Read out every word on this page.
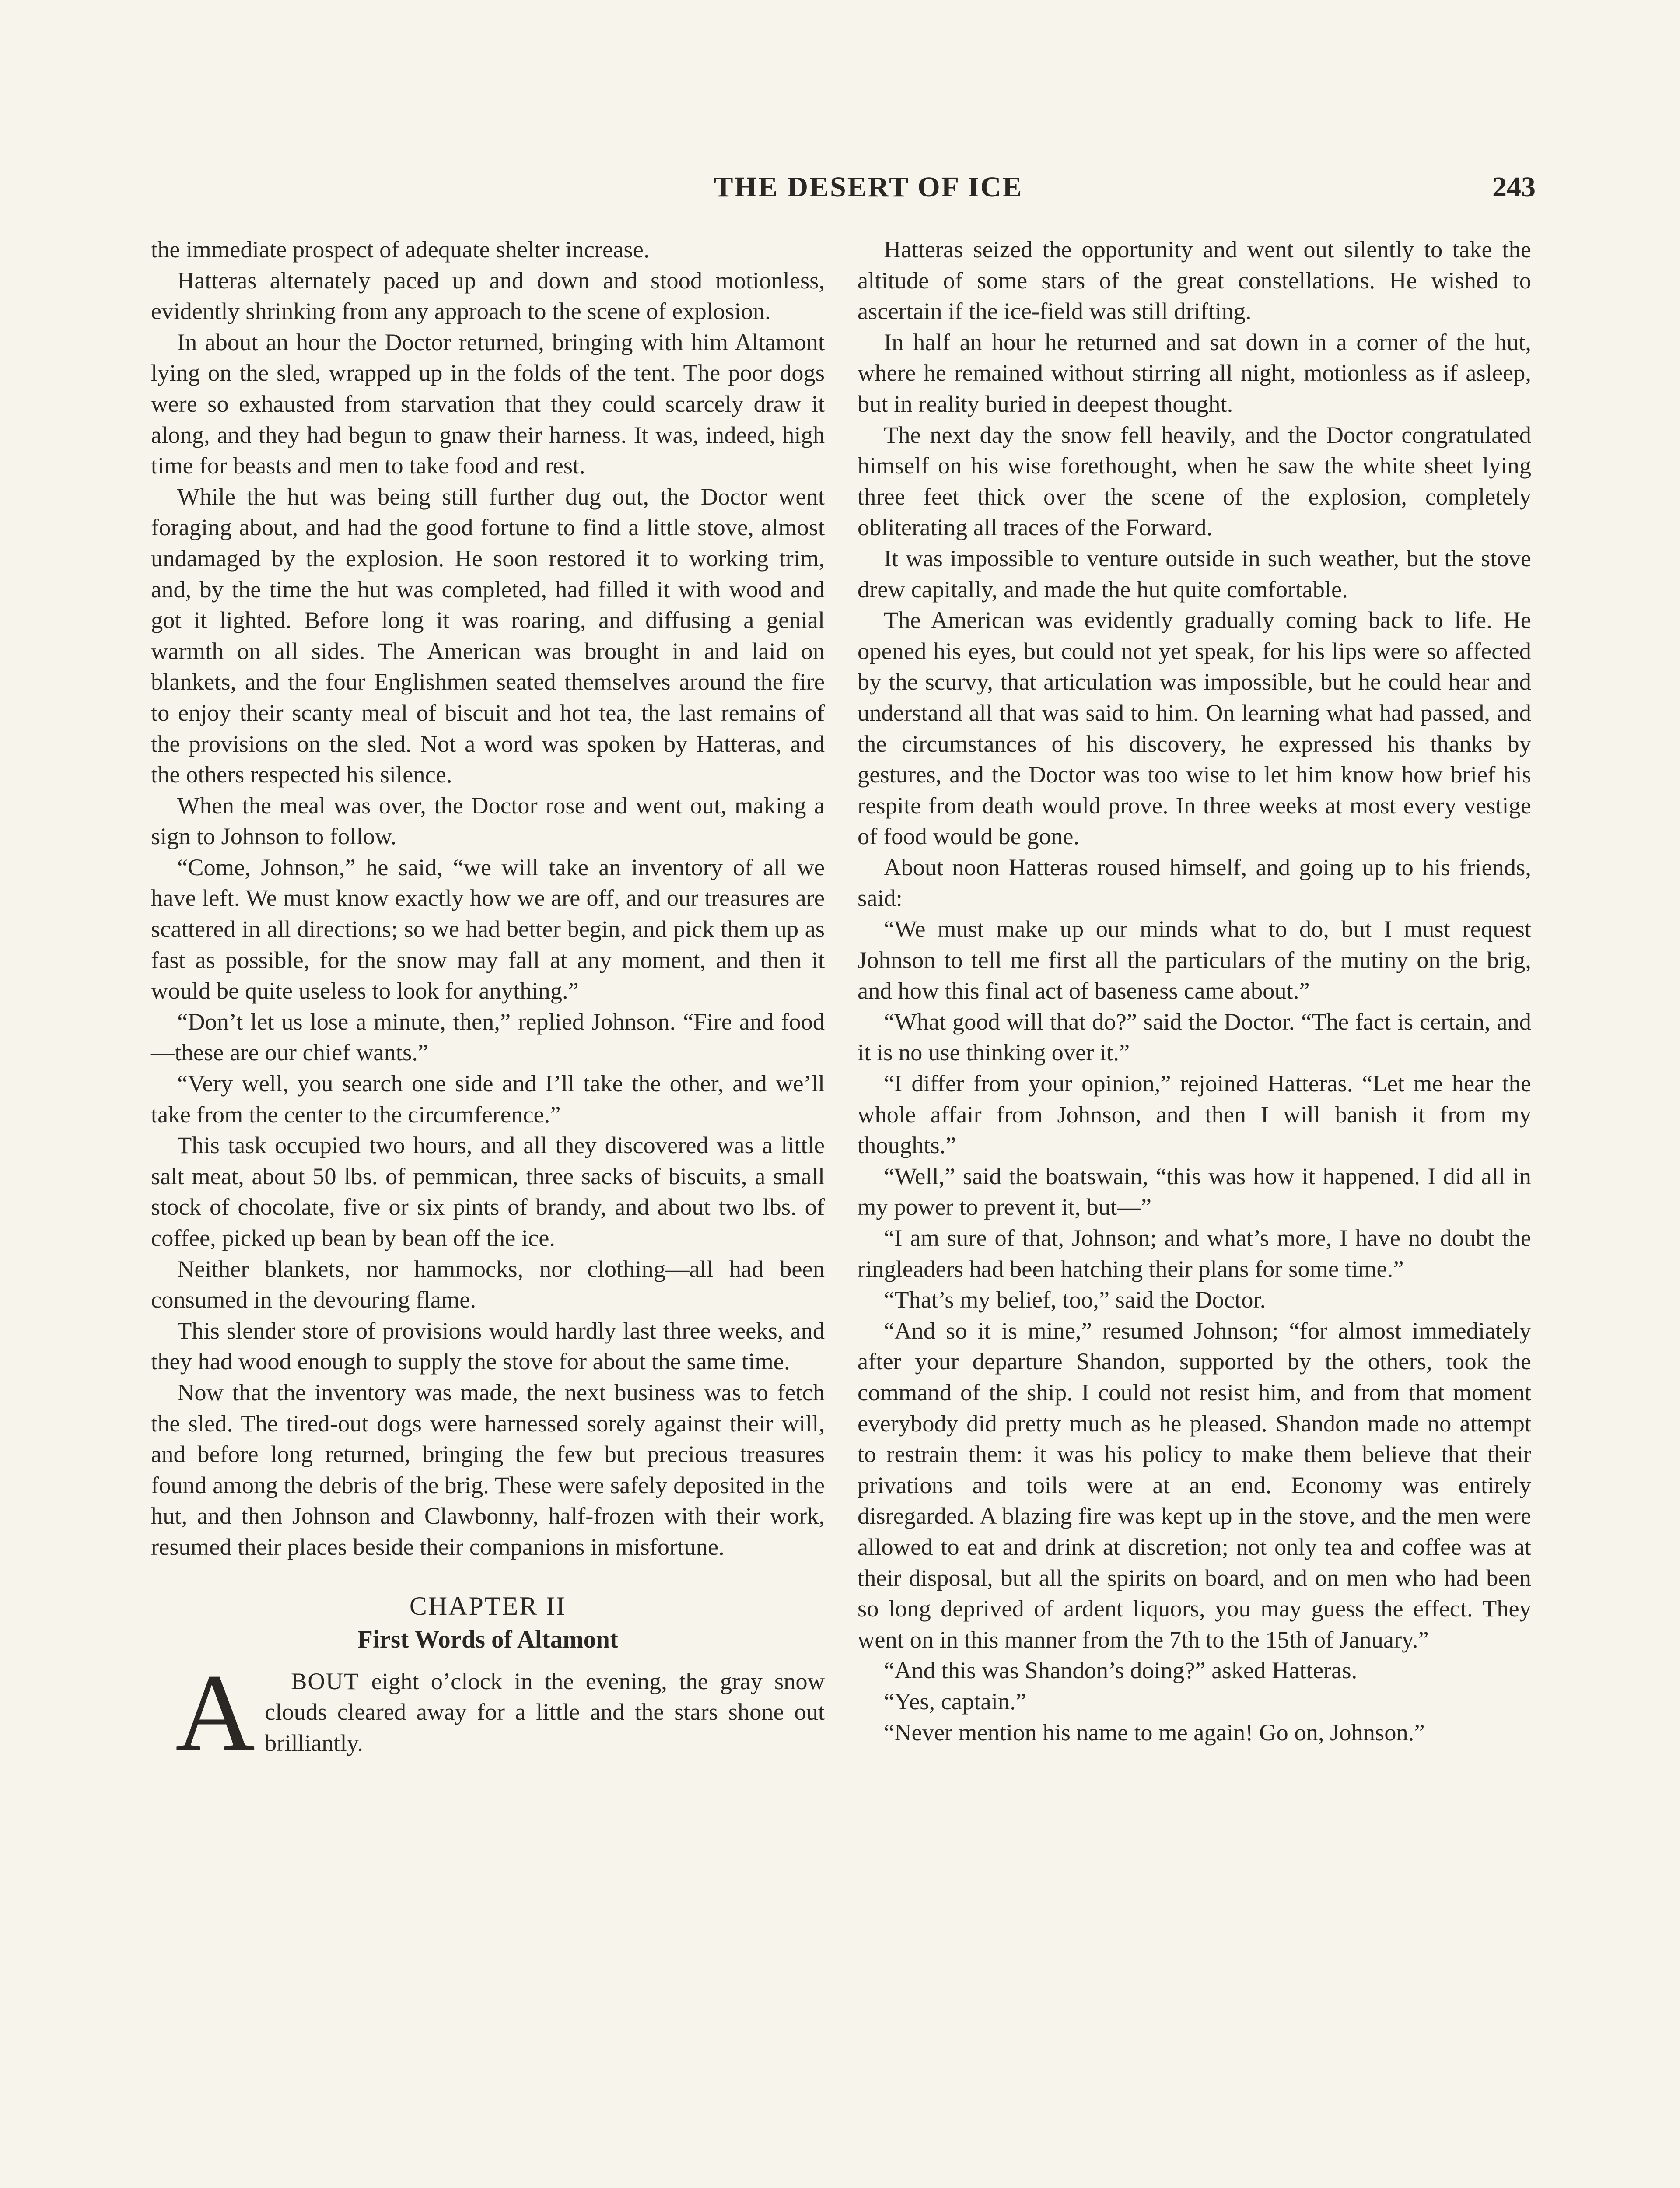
THE DESERT OF ICE	243

the immediate prospect of adequate shelter increase.

Hatteras alternately paced up and down and stood motionless, evidently shrinking from any approach to the scene of explosion.

In about an hour the Doctor returned, bringing with him Altamont lying on the sled, wrapped up in the folds of the tent. The poor dogs were so exhausted from starvation that they could scarcely draw it along, and they had begun to gnaw their harness. It was, indeed, high time for beasts and men to take food and rest.

While the hut was being still further dug out, the Doctor went foraging about, and had the good fortune to find a little stove, almost undamaged by the explosion. He soon restored it to working trim, and, by the time the hut was completed, had filled it with wood and got it lighted. Before long it was roaring, and diffusing a genial warmth on all sides. The American was brought in and laid on blankets, and the four Englishmen seated themselves around the fire to enjoy their scanty meal of biscuit and hot tea, the last remains of the provisions on the sled. Not a word was spoken by Hatteras, and the others respected his silence.

When the meal was over, the Doctor rose and went out, making a sign to Johnson to follow.

“Come, Johnson,” he said, “we will take an inventory of all we have left. We must know exactly how we are off, and our treasures are scattered in all directions; so we had better begin, and pick them up as fast as possible, for the snow may fall at any moment, and then it would be quite useless to look for anything.”

“Don’t let us lose a minute, then,” replied Johnson. “Fire and food—these are our chief wants.”

“Very well, you search one side and I’ll take the other, and we’ll take from the center to the circumference.”

This task occupied two hours, and all they discovered was a little salt meat, about 50 lbs. of pemmican, three sacks of biscuits, a small stock of chocolate, five or six pints of brandy, and about two lbs. of coffee, picked up bean by bean off the ice.

Neither blankets, nor hammocks, nor clothing—all had been consumed in the devouring flame.

This slender store of provisions would hardly last three weeks, and they had wood enough to supply the stove for about the same time.

Now that the inventory was made, the next business was to fetch the sled. The tired-out dogs were harnessed sorely against their will, and before long returned, bringing the few but precious treasures found among the debris of the brig. These were safely deposited in the hut, and then Johnson and Clawbonny, half-frozen with their work, resumed their places beside their companions in misfortune.

CHAPTER II
First Words of Altamont

A BOUT eight o’clock in the evening, the gray snow clouds cleared away for a little and the stars shone out brilliantly.

Hatteras seized the opportunity and went out silently to take the altitude of some stars of the great constellations. He wished to ascertain if the ice-field was still drifting.

In half an hour he returned and sat down in a corner of the hut, where he remained without stirring all night, motionless as if asleep, but in reality buried in deepest thought.

The next day the snow fell heavily, and the Doctor congratulated himself on his wise forethought, when he saw the white sheet lying three feet thick over the scene of the explosion, completely obliterating all traces of the Forward.

It was impossible to venture outside in such weather, but the stove drew capitally, and made the hut quite comfortable.

The American was evidently gradually coming back to life. He opened his eyes, but could not yet speak, for his lips were so affected by the scurvy, that articulation was impossible, but he could hear and understand all that was said to him. On learning what had passed, and the circumstances of his discovery, he expressed his thanks by gestures, and the Doctor was too wise to let him know how brief his respite from death would prove. In three weeks at most every vestige of food would be gone.

About noon Hatteras roused himself, and going up to his friends, said:

“We must make up our minds what to do, but I must request Johnson to tell me first all the particulars of the mutiny on the brig, and how this final act of baseness came about.”

“What good will that do?” said the Doctor. “The fact is certain, and it is no use thinking over it.”

“I differ from your opinion,” rejoined Hatteras. “Let me hear the whole affair from Johnson, and then I will banish it from my thoughts.”

“Well,” said the boatswain, “this was how it happened. I did all in my power to prevent it, but—”

“I am sure of that, Johnson; and what’s more, I have no doubt the ringleaders had been hatching their plans for some time.”

“That’s my belief, too,” said the Doctor.

“And so it is mine,” resumed Johnson; “for almost immediately after your departure Shandon, supported by the others, took the command of the ship. I could not resist him, and from that moment everybody did pretty much as he pleased. Shandon made no attempt to restrain them: it was his policy to make them believe that their privations and toils were at an end. Economy was entirely disregarded. A blazing fire was kept up in the stove, and the men were allowed to eat and drink at discretion; not only tea and coffee was at their disposal, but all the spirits on board, and on men who had been so long deprived of ardent liquors, you may guess the effect. They went on in this manner from the 7th to the 15th of January.”

“And this was Shandon’s doing?” asked Hatteras.

“Yes, captain.”

“Never mention his name to me again! Go on, Johnson.”
